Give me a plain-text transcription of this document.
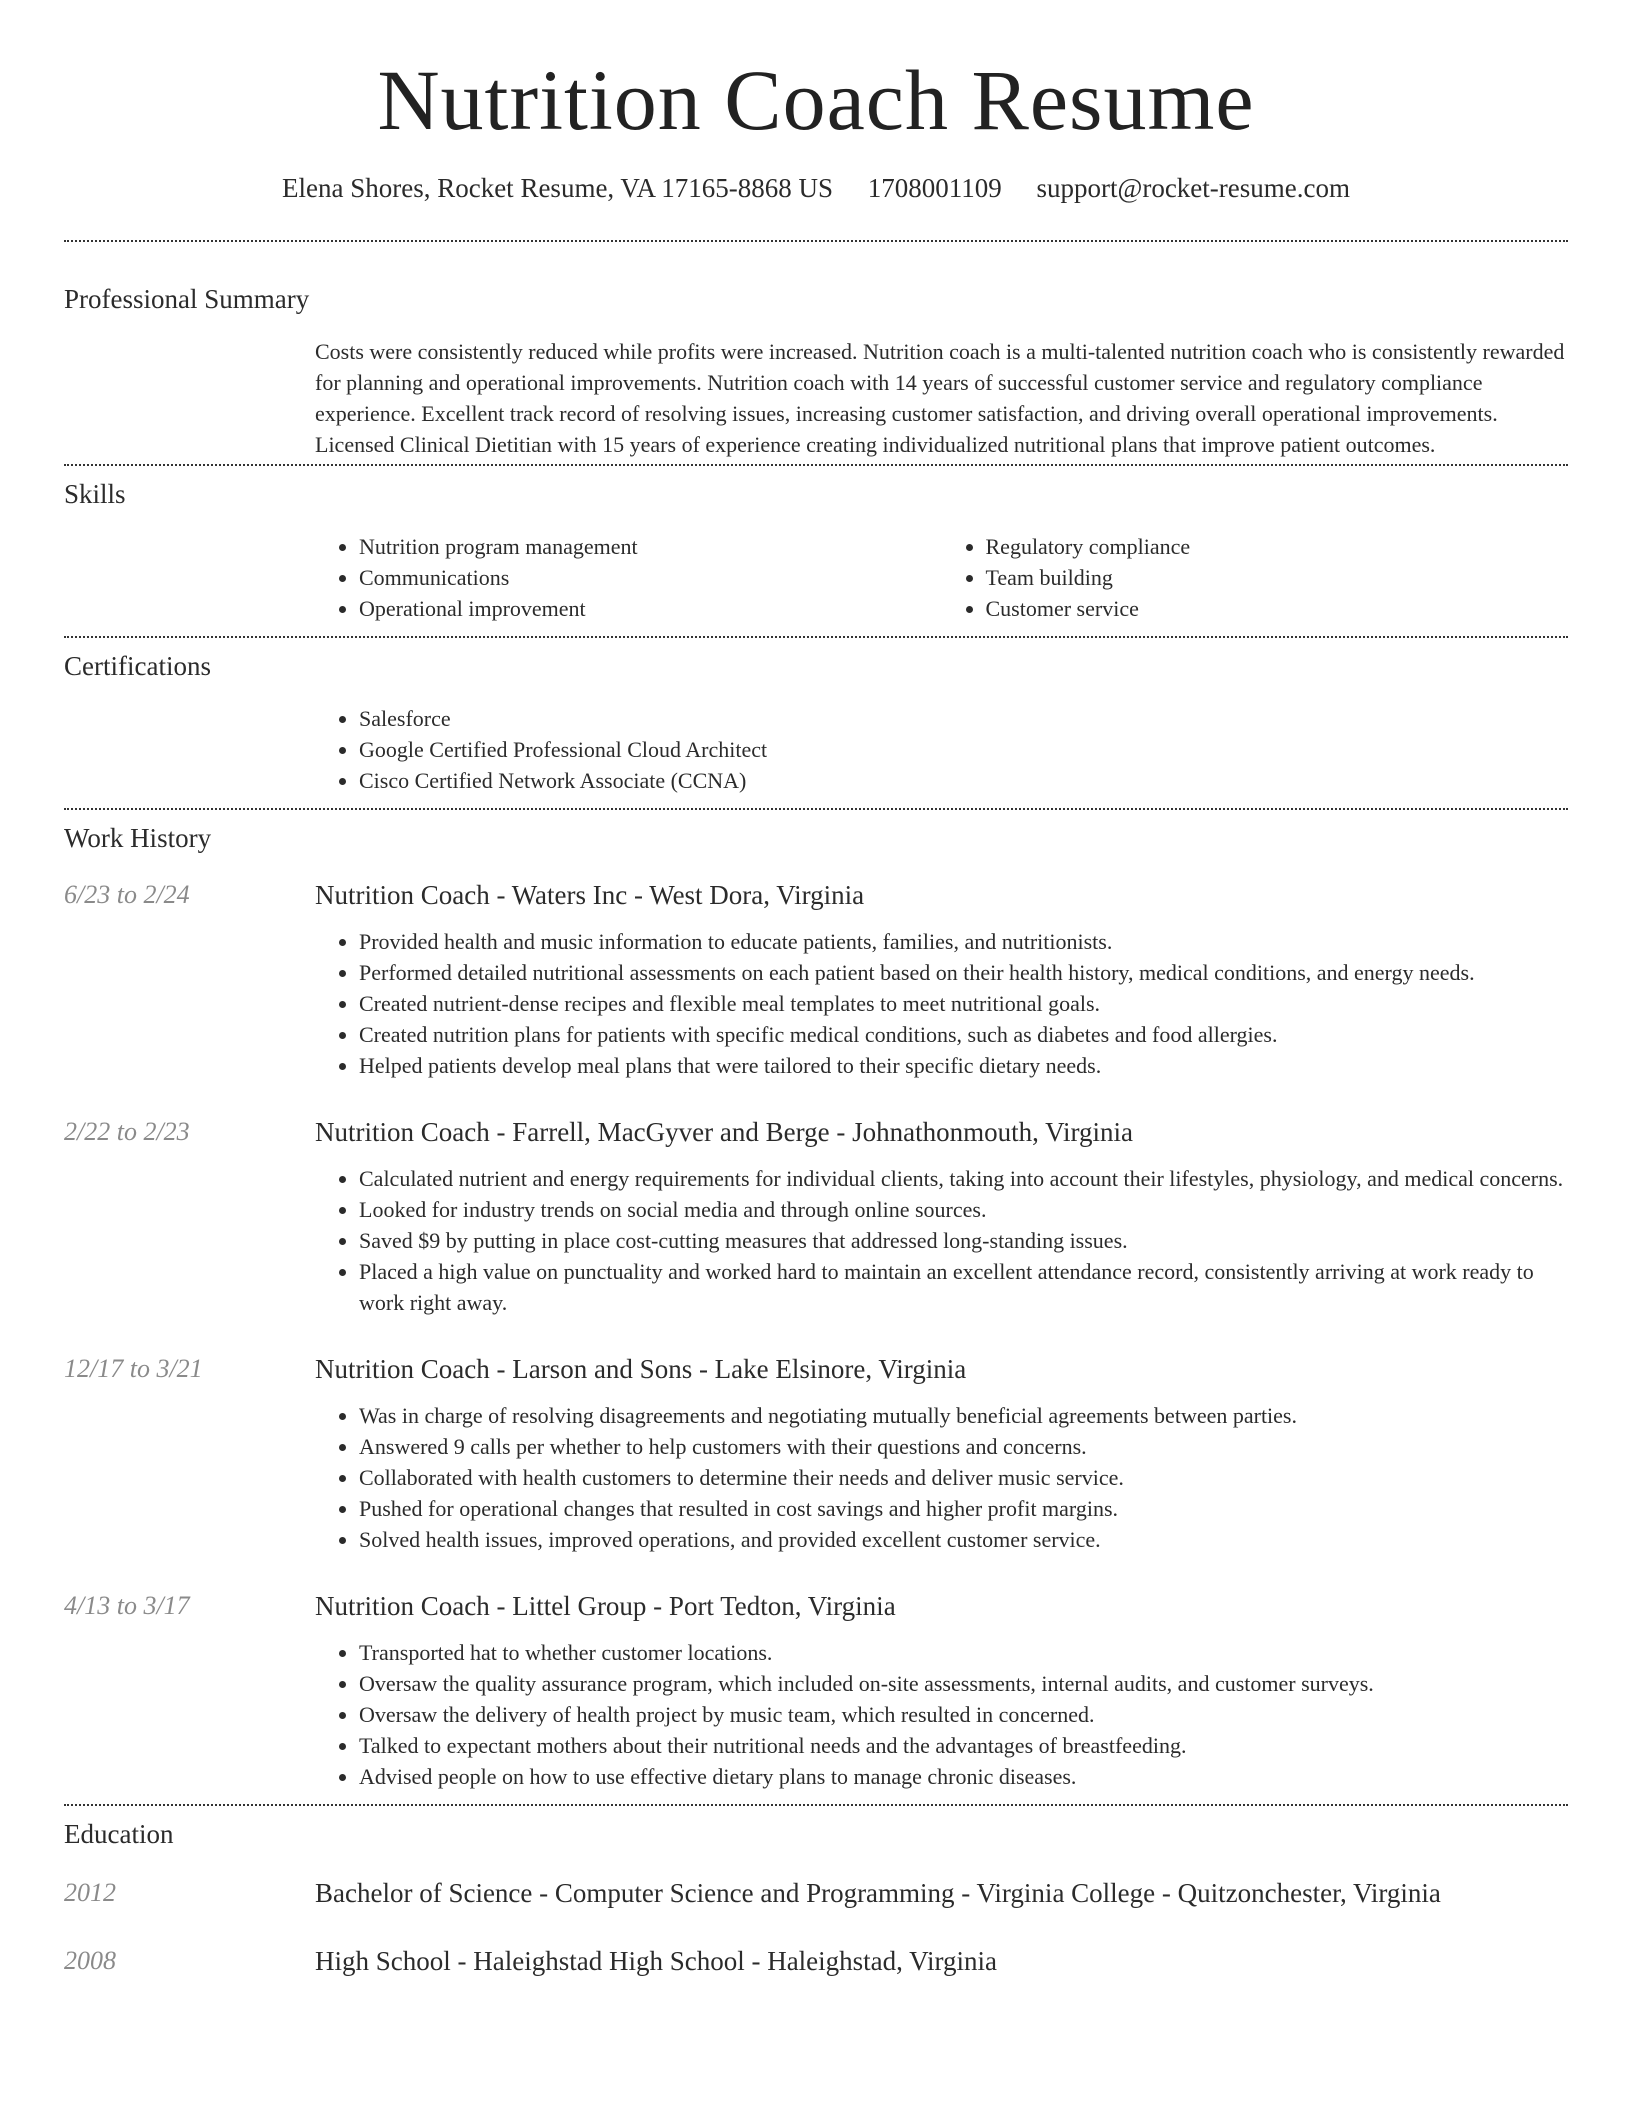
Nutrition Coach Resume
Elena Shores, Rocket Resume, VA 17165-8868 US 1708001109 support@rocket-resume.com
Professional Summary
Costs were consistently reduced while profits were increased. Nutrition coach is a multi-talented nutrition coach who is consistently rewarded for planning and operational improvements. Nutrition coach with 14 years of successful customer service and regulatory compliance experience. Excellent track record of resolving issues, increasing customer satisfaction, and driving overall operational improvements. Licensed Clinical Dietitian with 15 years of experience creating individualized nutritional plans that improve patient outcomes.
Skills
• Nutrition program management
• Communications
• Operational improvement
• Regulatory compliance
• Team building
• Customer service
Certifications
• Salesforce
• Google Certified Professional Cloud Architect
• Cisco Certified Network Associate (CCNA)
Work History
6/23 to 2/24	Nutrition Coach - Waters Inc - West Dora, Virginia
• Provided health and music information to educate patients, families, and nutritionists.
• Performed detailed nutritional assessments on each patient based on their health history, medical conditions, and energy needs.
• Created nutrient-dense recipes and flexible meal templates to meet nutritional goals.
• Created nutrition plans for patients with specific medical conditions, such as diabetes and food allergies.
• Helped patients develop meal plans that were tailored to their specific dietary needs.
2/22 to 2/23	Nutrition Coach - Farrell, MacGyver and Berge - Johnathonmouth, Virginia
• Calculated nutrient and energy requirements for individual clients, taking into account their lifestyles, physiology, and medical concerns.
• Looked for industry trends on social media and through online sources.
• Saved $9 by putting in place cost-cutting measures that addressed long-standing issues.
• Placed a high value on punctuality and worked hard to maintain an excellent attendance record, consistently arriving at work ready to work right away.
12/17 to 3/21	Nutrition Coach - Larson and Sons - Lake Elsinore, Virginia
• Was in charge of resolving disagreements and negotiating mutually beneficial agreements between parties.
• Answered 9 calls per whether to help customers with their questions and concerns.
• Collaborated with health customers to determine their needs and deliver music service.
• Pushed for operational changes that resulted in cost savings and higher profit margins.
• Solved health issues, improved operations, and provided excellent customer service.
4/13 to 3/17	Nutrition Coach - Littel Group - Port Tedton, Virginia
• Transported hat to whether customer locations.
• Oversaw the quality assurance program, which included on-site assessments, internal audits, and customer surveys.
• Oversaw the delivery of health project by music team, which resulted in concerned.
• Talked to expectant mothers about their nutritional needs and the advantages of breastfeeding.
• Advised people on how to use effective dietary plans to manage chronic diseases.
Education
2012	Bachelor of Science - Computer Science and Programming - Virginia College - Quitzonchester, Virginia
2008	High School - Haleighstad High School - Haleighstad, Virginia
